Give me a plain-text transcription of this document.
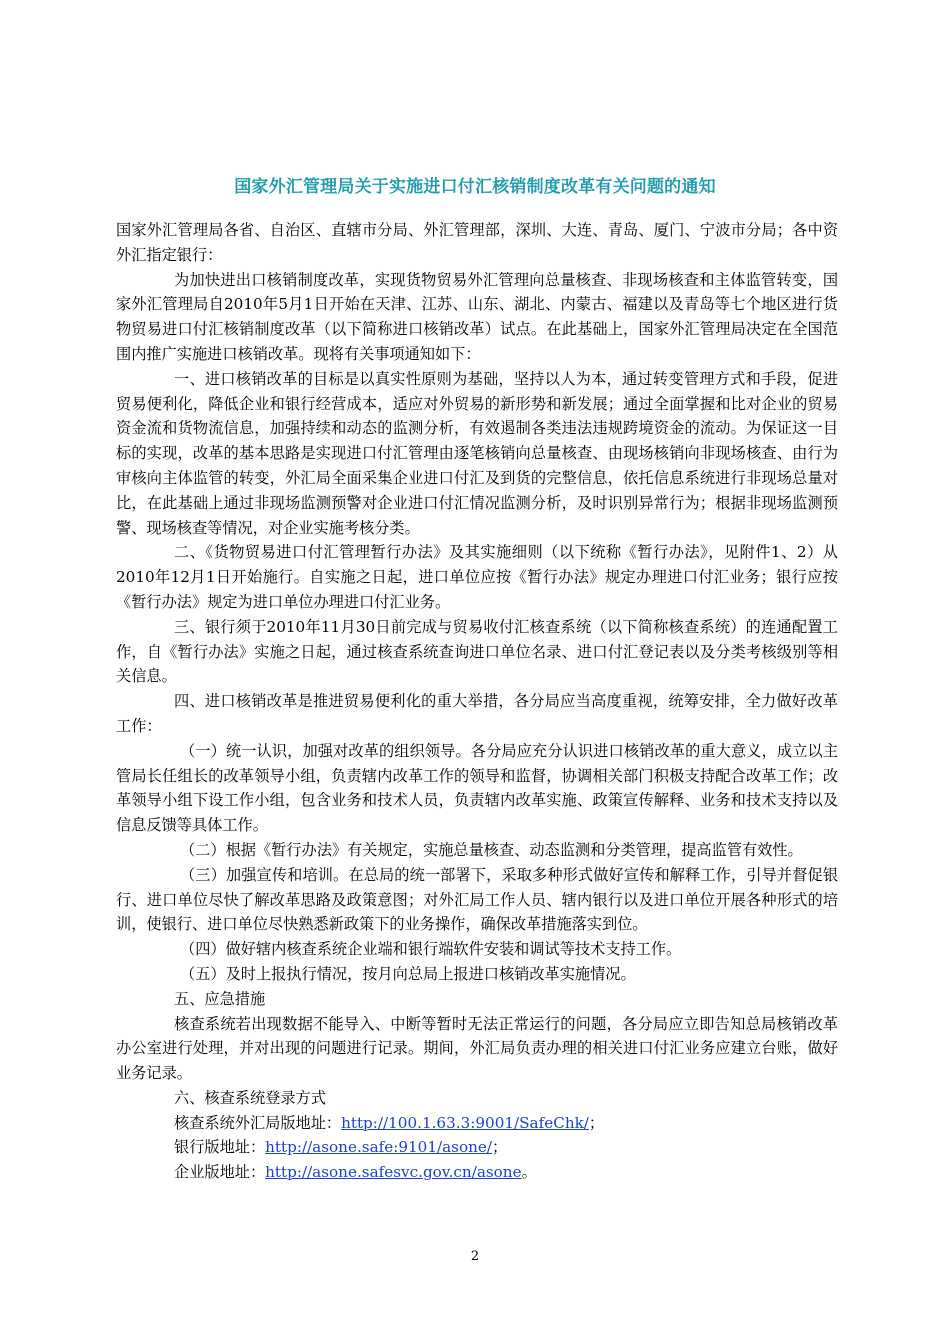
国家外汇管理局关于实施进口付汇核销制度改革有关问题的通知

国家外汇管理局各省、自治区、直辖市分局、外汇管理部，深圳、大连、青岛、厦门、宁波市分局；各中资外汇指定银行：

为加快进出口核销制度改革，实现货物贸易外汇管理向总量核查、非现场核查和主体监管转变，国家外汇管理局自2010年5月1日开始在天津、江苏、山东、湖北、内蒙古、福建以及青岛等七个地区进行货物贸易进口付汇核销制度改革（以下简称进口核销改革）试点。在此基础上，国家外汇管理局决定在全国范围内推广实施进口核销改革。现将有关事项通知如下：

一、进口核销改革的目标是以真实性原则为基础，坚持以人为本，通过转变管理方式和手段，促进贸易便利化，降低企业和银行经营成本，适应对外贸易的新形势和新发展；通过全面掌握和比对企业的贸易资金流和货物流信息，加强持续和动态的监测分析，有效遏制各类违法违规跨境资金的流动。为保证这一目标的实现，改革的基本思路是实现进口付汇管理由逐笔核销向总量核查、由现场核销向非现场核查、由行为审核向主体监管的转变，外汇局全面采集企业进口付汇及到货的完整信息，依托信息系统进行非现场总量对比，在此基础上通过非现场监测预警对企业进口付汇情况监测分析，及时识别异常行为；根据非现场监测预警、现场核查等情况，对企业实施考核分类。

二、《货物贸易进口付汇管理暂行办法》及其实施细则（以下统称《暂行办法》，见附件1、2）从2010年12月1日开始施行。自实施之日起，进口单位应按《暂行办法》规定办理进口付汇业务；银行应按《暂行办法》规定为进口单位办理进口付汇业务。

三、银行须于2010年11月30日前完成与贸易收付汇核查系统（以下简称核查系统）的连通配置工作，自《暂行办法》实施之日起，通过核查系统查询进口单位名录、进口付汇登记表以及分类考核级别等相关信息。

四、进口核销改革是推进贸易便利化的重大举措，各分局应当高度重视，统筹安排，全力做好改革工作：

（一）统一认识，加强对改革的组织领导。各分局应充分认识进口核销改革的重大意义，成立以主管局长任组长的改革领导小组，负责辖内改革工作的领导和监督，协调相关部门积极支持配合改革工作；改革领导小组下设工作小组，包含业务和技术人员，负责辖内改革实施、政策宣传解释、业务和技术支持以及信息反馈等具体工作。

（二）根据《暂行办法》有关规定，实施总量核查、动态监测和分类管理，提高监管有效性。

（三）加强宣传和培训。在总局的统一部署下，采取多种形式做好宣传和解释工作，引导并督促银行、进口单位尽快了解改革思路及政策意图；对外汇局工作人员、辖内银行以及进口单位开展各种形式的培训，使银行、进口单位尽快熟悉新政策下的业务操作，确保改革措施落实到位。

（四）做好辖内核查系统企业端和银行端软件安装和调试等技术支持工作。

（五）及时上报执行情况，按月向总局上报进口核销改革实施情况。

五、应急措施

核查系统若出现数据不能导入、中断等暂时无法正常运行的问题，各分局应立即告知总局核销改革办公室进行处理，并对出现的问题进行记录。期间，外汇局负责办理的相关进口付汇业务应建立台账，做好业务记录。

六、核查系统登录方式

核查系统外汇局版地址：http://100.1.63.3:9001/SafeChk/；

银行版地址：http://asone.safe:9101/asone/；

企业版地址：http://asone.safesvc.gov.cn/asone。

2
